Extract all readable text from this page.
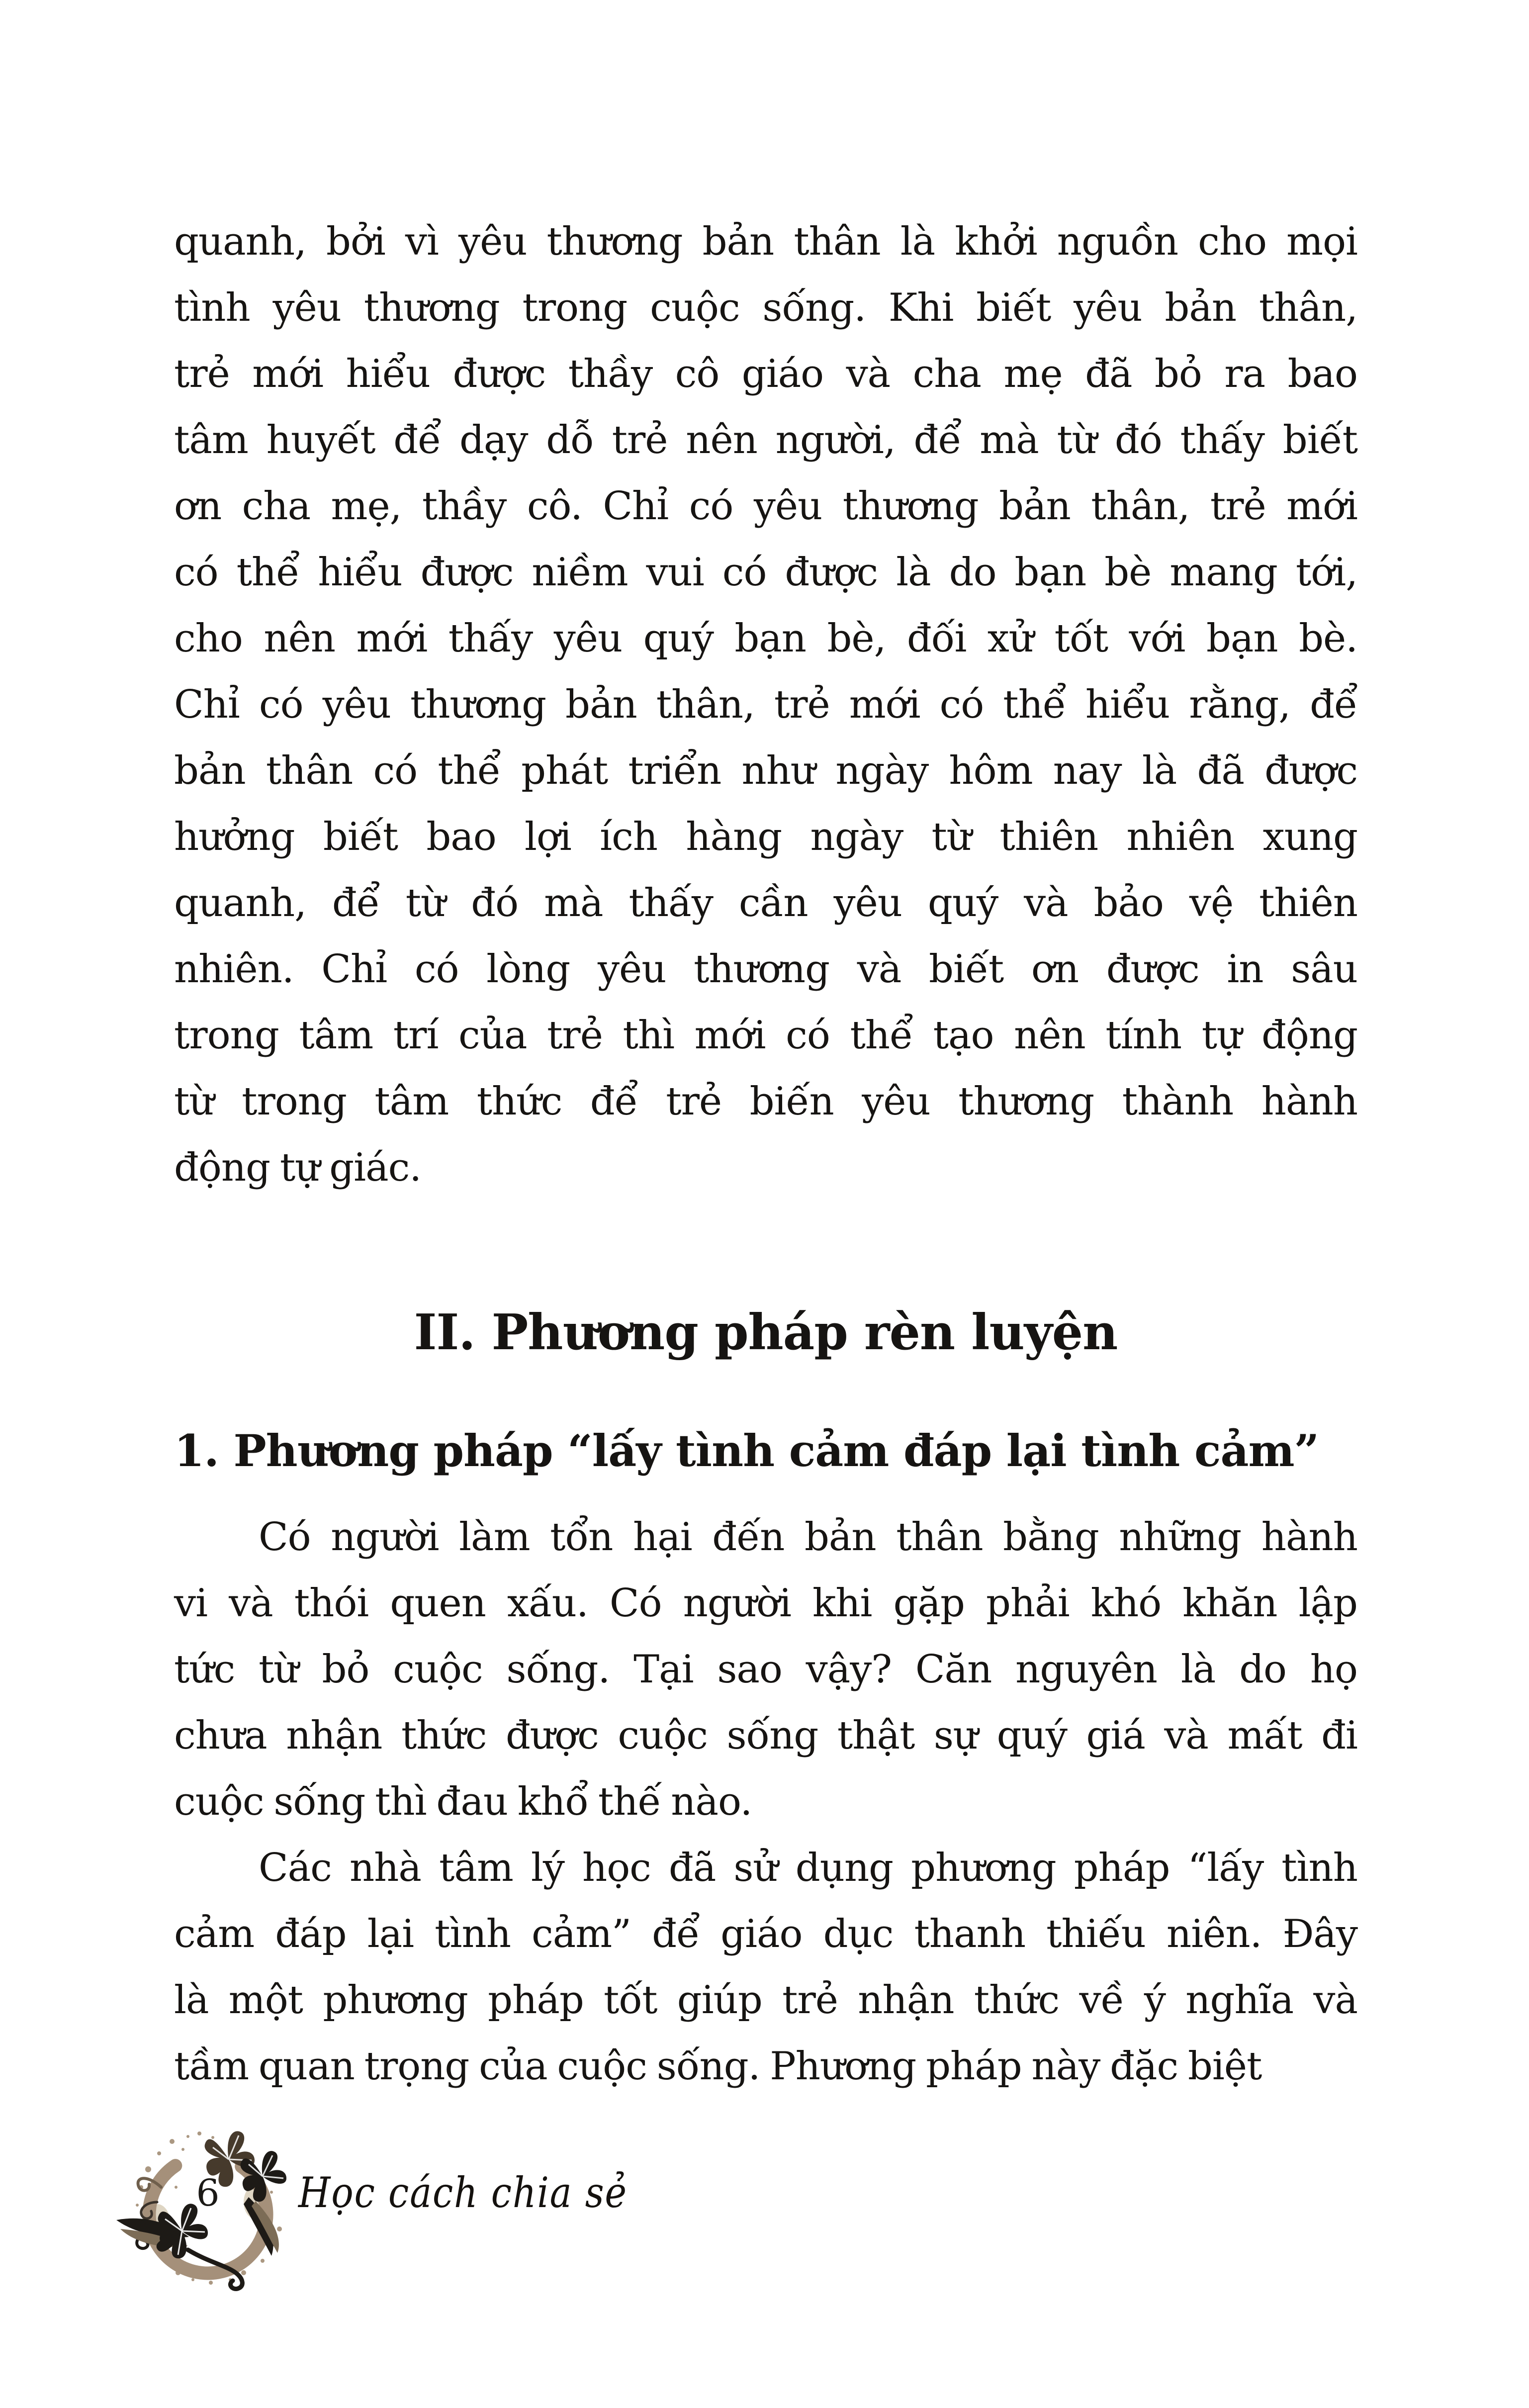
quanh, bởi vì yêu thương bản thân là khởi nguồn cho mọi
tình yêu thương trong cuộc sống. Khi biết yêu bản thân,
trẻ mới hiểu được thầy cô giáo và cha mẹ đã bỏ ra bao
tâm huyết để dạy dỗ trẻ nên người, để mà từ đó thấy biết
ơn cha mẹ, thầy cô. Chỉ có yêu thương bản thân, trẻ mới
có thể hiểu được niềm vui có được là do bạn bè mang tới,
cho nên mới thấy yêu quý bạn bè, đối xử tốt với bạn bè.
Chỉ có yêu thương bản thân, trẻ mới có thể hiểu rằng, để
bản thân có thể phát triển như ngày hôm nay là đã được
hưởng biết bao lợi ích hàng ngày từ thiên nhiên xung
quanh, để từ đó mà thấy cần yêu quý và bảo vệ thiên
nhiên. Chỉ có lòng yêu thương và biết ơn được in sâu
trong tâm trí của trẻ thì mới có thể tạo nên tính tự động
từ trong tâm thức để trẻ biến yêu thương thành hành
động tự giác.
II. Phương pháp rèn luyện
1. Phương pháp “lấy tình cảm đáp lại tình cảm”
Có người làm tổn hại đến bản thân bằng những hành
vi và thói quen xấu. Có người khi gặp phải khó khăn lập
tức từ bỏ cuộc sống. Tại sao vậy? Căn nguyên là do họ
chưa nhận thức được cuộc sống thật sự quý giá và mất đi
cuộc sống thì đau khổ thế nào.
Các nhà tâm lý học đã sử dụng phương pháp “lấy tình
cảm đáp lại tình cảm” để giáo dục thanh thiếu niên. Đây
là một phương pháp tốt giúp trẻ nhận thức về ý nghĩa và
tầm quan trọng của cuộc sống. Phương pháp này đặc biệt
6 Học cách chia sẻ
